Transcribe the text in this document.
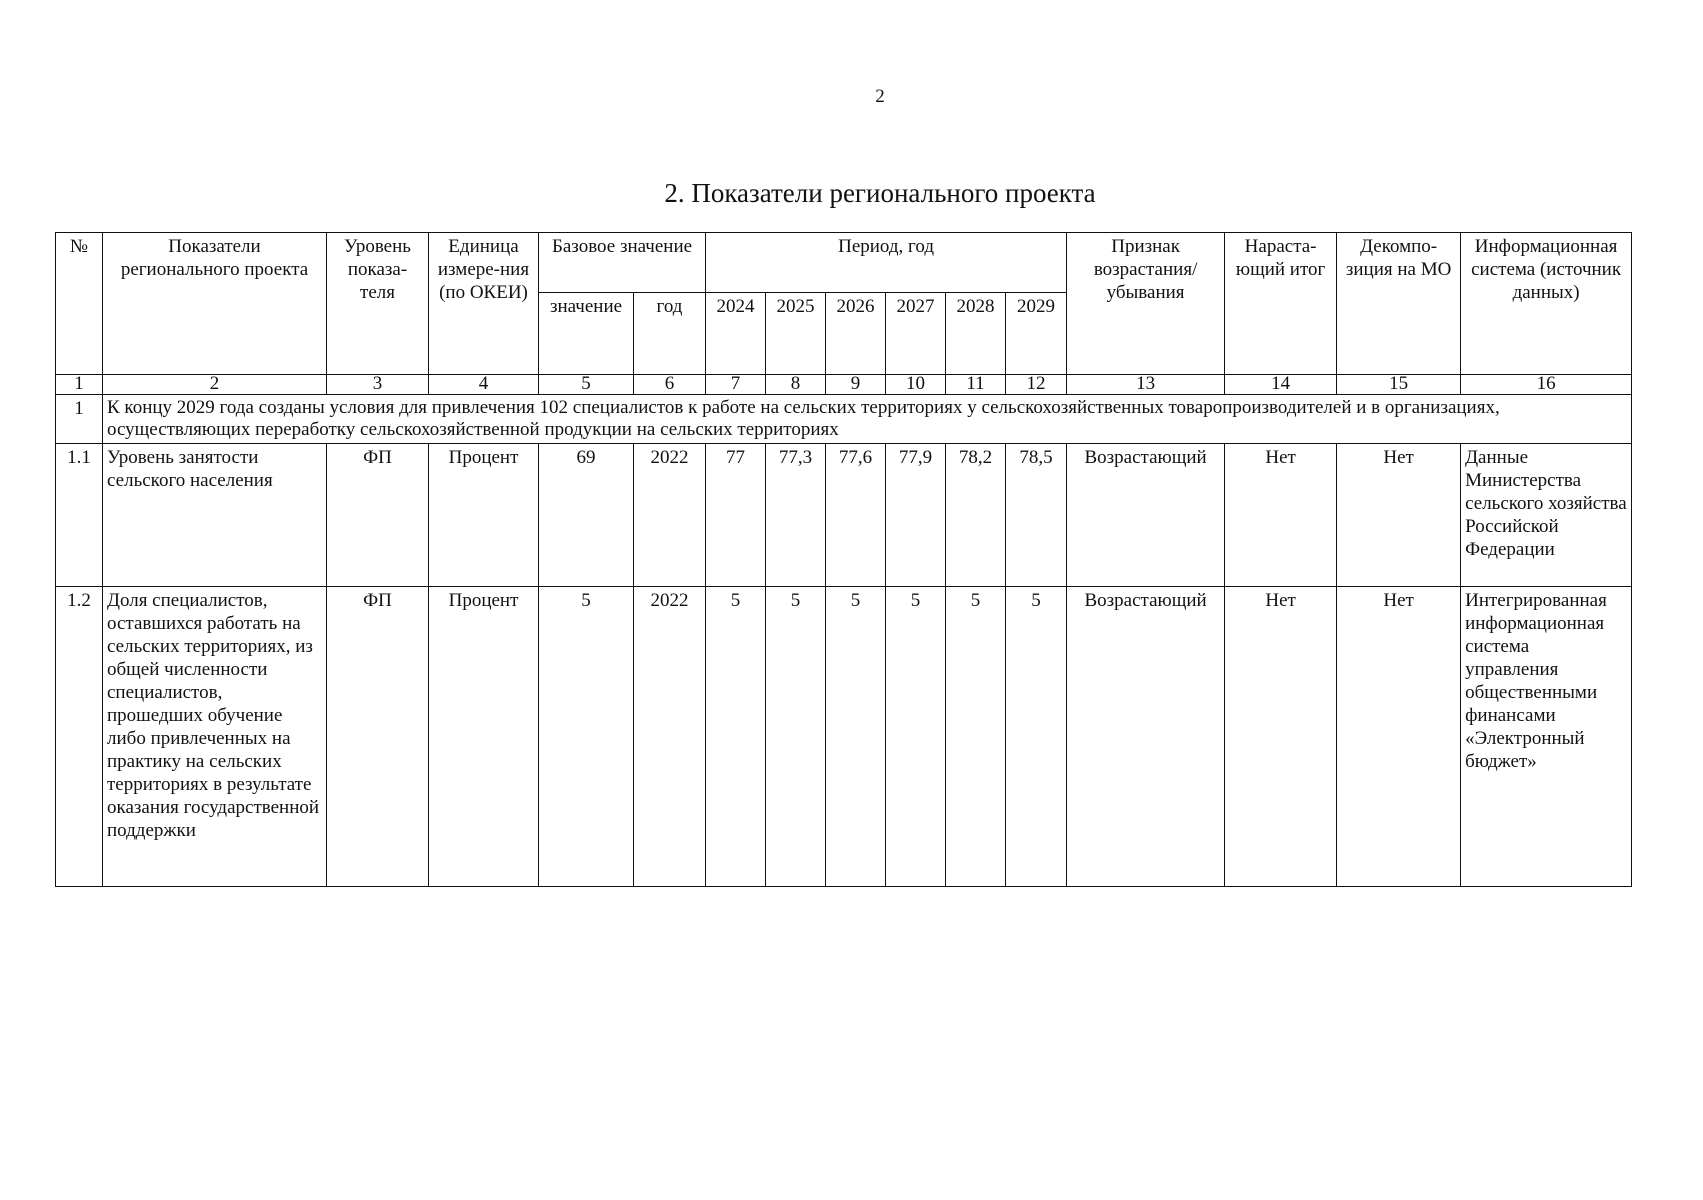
2
2. Показатели регионального проекта
№	Показатели регионального проекта	Уровень показа-теля	Единица измере-ния (по ОКЕИ)	Базовое значение		Период, год						Признак возрастания/ убывания	Нараста-ющий итог	Декомпо-зиция на МО	Информационная система (источник данных)
				значение	год	2024	2025	2026	2027	2028	2029				
1	2	3	4	5	6	7	8	9	10	11	12	13	14	15	16
1	К концу 2029 года созданы условия для привлечения 102 специалистов к работе на сельских территориях у сельскохозяйственных товаропроизводителей и в организациях, осуществляющих переработку сельскохозяйственной продукции на сельских территориях														
1.1	Уровень занятости сельского населения	ФП	Процент	69	2022	77	77,3	77,6	77,9	78,2	78,5	Возрастающий	Нет	Нет	Данные Министерства сельского хозяйства Российской Федерации
1.2	Доля специалистов, оставшихся работать на сельских территориях, из общей численности специалистов, прошедших обучение либо привлеченных на практику на сельских территориях в результате оказания государственной поддержки	ФП	Процент	5	2022	5	5	5	5	5	5	Возрастающий	Нет	Нет	Интегрированная информационная система управления общественными финансами «Электронный бюджет»
